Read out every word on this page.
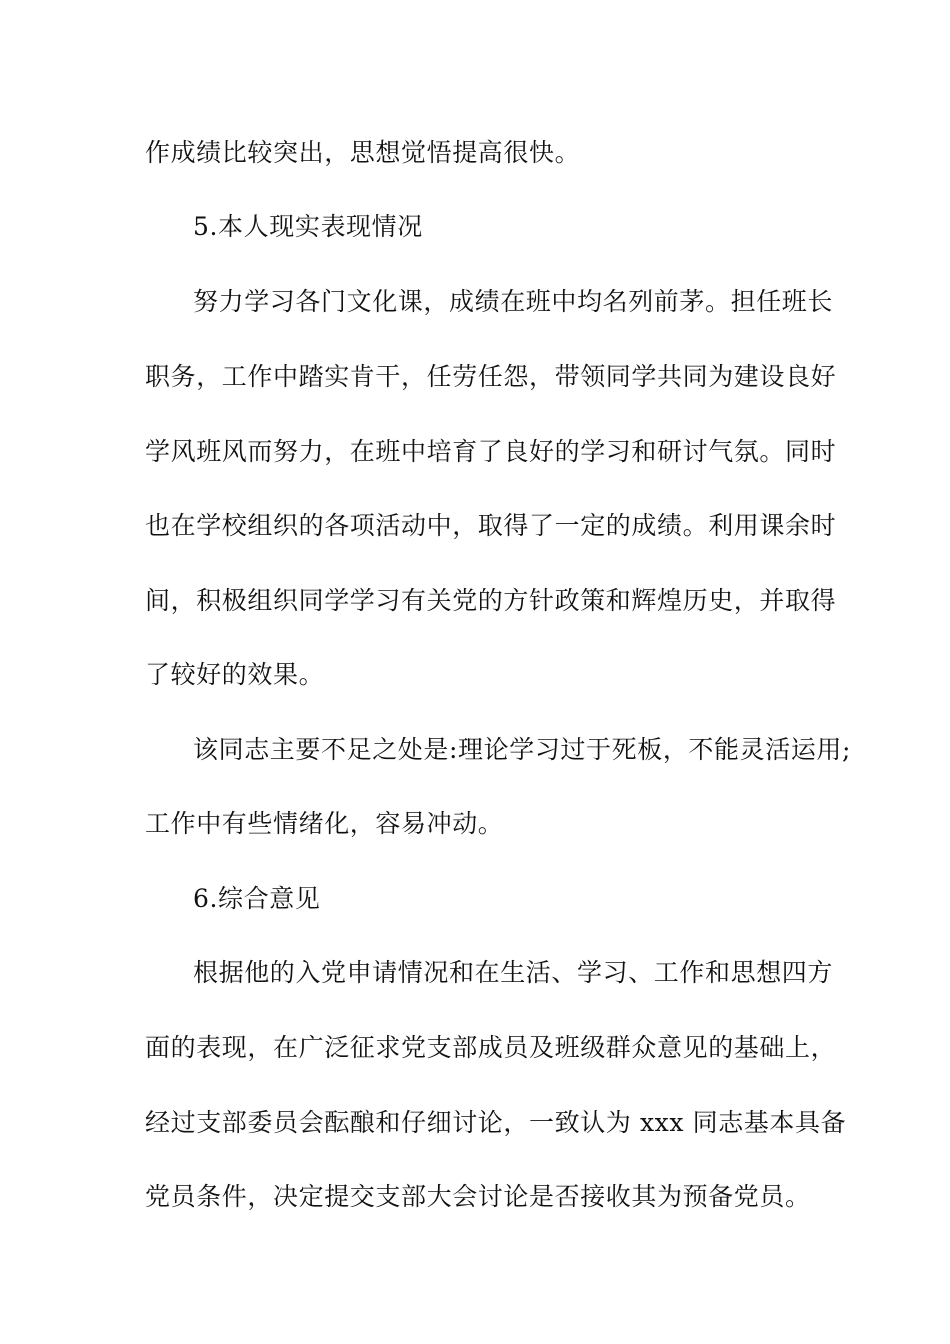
作成绩比较突出，思想觉悟提高很快。
5.本人现实表现情况
努力学习各门文化课，成绩在班中均名列前茅。担任班长
职务，工作中踏实肯干，任劳任怨，带领同学共同为建设良好
学风班风而努力，在班中培育了良好的学习和研讨气氛。同时
也在学校组织的各项活动中，取得了一定的成绩。利用课余时
间，积极组织同学学习有关党的方针政策和辉煌历史，并取得
了较好的效果。
该同志主要不足之处是:理论学习过于死板，不能灵活运用;
工作中有些情绪化，容易冲动。
6.综合意见
根据他的入党申请情况和在生活、学习、工作和思想四方
面的表现，在广泛征求党支部成员及班级群众意见的基础上，
经过支部委员会酝酿和仔细讨论，一致认为 xxx 同志基本具备
党员条件，决定提交支部大会讨论是否接收其为预备党员。
